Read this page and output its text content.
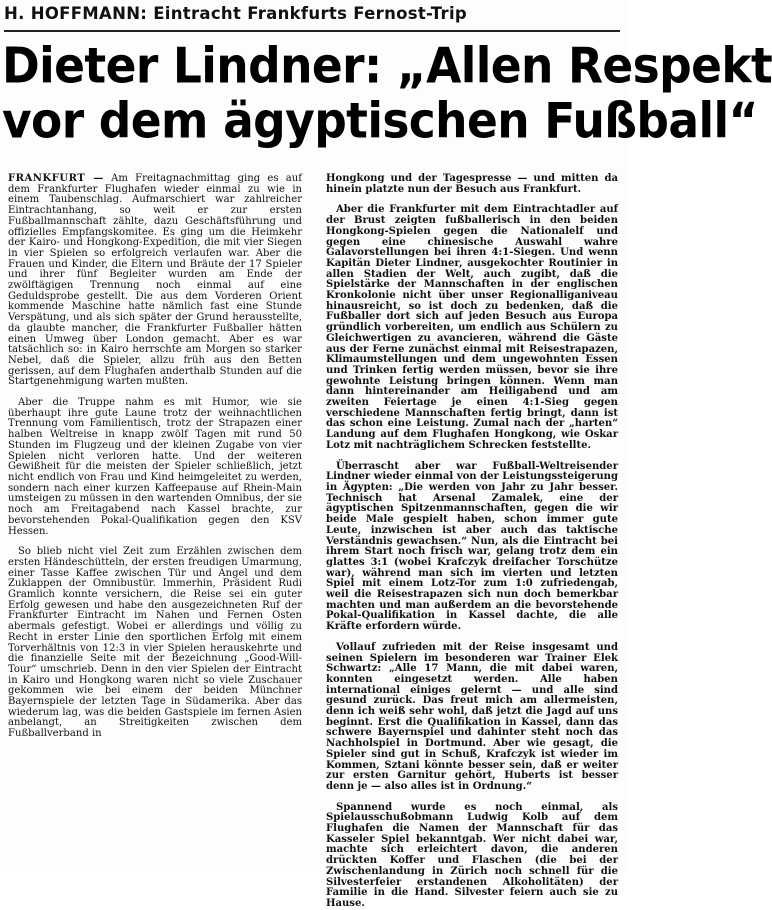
H. HOFFMANN: Eintracht Frankfurts Fernost-Trip
Dieter Lindner: „Allen Respekt
vor dem ägyptischen Fußball“

FRANKFURT — Am Freitagnachmittag ging es auf dem Frankfurter Flughafen wieder einmal zu wie in einem Taubenschlag. Aufmarschiert war zahlreicher Eintrachtanhang, so weit er zur ersten Fußballmannschaft zählte, dazu Geschäftsführung und offizielles Empfangskomitee. Es ging um die Heimkehr der Kairo- und Hongkong-Expedition, die mit vier Siegen in vier Spielen so erfolgreich verlaufen war. Aber die Frauen und Kinder, die Eltern und Bräute der 17 Spieler und ihrer fünf Begleiter wurden am Ende der zwölftägigen Trennung noch einmal auf eine Geduldsprobe gestellt. Die aus dem Vorderen Orient kommende Maschine hatte nämlich fast eine Stunde Verspätung, und als sich später der Grund herausstellte, da glaubte mancher, die Frankfurter Fußballer hätten einen Umweg über London gemacht. Aber es war tatsächlich so: in Kairo herrschte am Morgen so starker Nebel, daß die Spieler, allzu früh aus den Betten gerissen, auf dem Flughafen anderthalb Stunden auf die Startgenehmigung warten mußten.

Aber die Truppe nahm es mit Humor, wie sie überhaupt ihre gute Laune trotz der weihnachtlichen Trennung vom Familientisch, trotz der Strapazen einer halben Weltreise in knapp zwölf Tagen mit rund 50 Stunden im Flugzeug und der kleinen Zugabe von vier Spielen nicht verloren hatte. Und der weiteren Gewißheit für die meisten der Spieler schließlich, jetzt nicht endlich von Frau und Kind heimgeleitet zu werden, sondern nach einer kurzen Kaffeepause auf Rhein-Main umsteigen zu müssen in den wartenden Omnibus, der sie noch am Freitagabend nach Kassel brachte, zur bevorstehenden Pokal-Qualifikation gegen den KSV Hessen.

So blieb nicht viel Zeit zum Erzählen zwischen dem ersten Händeschütteln, der ersten freudigen Umarmung, einer Tasse Kaffee zwischen Tür und Angel und dem Zuklappen der Omnibustür. Immerhin, Präsident Rudi Gramlich konnte versichern, die Reise sei ein guter Erfolg gewesen und habe den ausgezeichneten Ruf der Frankfurter Eintracht im Nahen und Fernen Osten abermals gefestigt. Wobei er allerdings und völlig zu Recht in erster Linie den sportlichen Erfolg mit einem Torverhältnis von 12:3 in vier Spielen herauskehrte und die finanzielle Seite mit der Bezeichnung „Good-Will-Tour“ umschrieb. Denn in den vier Spielen der Eintracht in Kairo und Hongkong waren nicht so viele Zuschauer gekommen wie bei einem der beiden Münchner Bayernspiele der letzten Tage in Südamerika. Aber das wiederum lag, was die beiden Gastspiele im fernen Asien anbelangt, an Streitigkeiten zwischen dem Fußballverband in

Hongkong und der Tagespresse — und mitten da hinein platzte nun der Besuch aus Frankfurt.

Aber die Frankfurter mit dem Eintrachtadler auf der Brust zeigten fußballerisch in den beiden Hongkong-Spielen gegen die Nationalelf und gegen eine chinesische Auswahl wahre Galavorstellungen bei ihren 4:1-Siegen. Und wenn Kapitän Dieter Lindner, ausgekochter Routinier in allen Stadien der Welt, auch zugibt, daß die Spielstärke der Mannschaften in der englischen Kronkolonie nicht über unser Regionalliganiveau hinausreicht, so ist doch zu bedenken, daß die Fußballer dort sich auf jeden Besuch aus Europa gründlich vorbereiten, um endlich aus Schülern zu Gleichwertigen zu avancieren, während die Gäste aus der Ferne zunächst einmal mit Reisestrapazen, Klimaumstellungen und dem ungewohnten Essen und Trinken fertig werden müssen, bevor sie ihre gewohnte Leistung bringen können. Wenn man dann hintereinander am Heiligabend und am zweiten Feiertage je einen 4:1-Sieg gegen verschiedene Mannschaften fertig bringt, dann ist das schon eine Leistung. Zumal nach der „harten“ Landung auf dem Flughafen Hongkong, wie Oskar Lotz mit nachträglichem Schrecken feststellte.

Überrascht aber war Fußball-Weltreisender Lindner wieder einmal von der Leistungssteigerung in Ägypten: „Die werden von Jahr zu Jahr besser. Technisch hat Arsenal Zamalek, eine der ägyptischen Spitzenmannschaften, gegen die wir beide Male gespielt haben, schon immer gute Leute, inzwischen ist aber auch das taktische Verständnis gewachsen.“ Nun, als die Eintracht bei ihrem Start noch frisch war, gelang trotz dem ein glattes 3:1 (wobei Krafczyk dreifacher Torschütze war), während man sich im vierten und letzten Spiel mit einem Lotz-Tor zum 1:0 zufriedengab, weil die Reisestrapazen sich nun doch bemerkbar machten und man außerdem an die bevorstehende Pokal-Qualifikation in Kassel dachte, die alle Kräfte erfordern würde.

Vollauf zufrieden mit der Reise insgesamt und seinen Spielern im besonderen war Trainer Elek Schwartz: „Alle 17 Mann, die mit dabei waren, konnten eingesetzt werden. Alle haben international einiges gelernt — und alle sind gesund zurück. Das freut mich am allermeisten, denn ich weiß sehr wohl, daß jetzt die Jagd auf uns beginnt. Erst die Qualifikation in Kassel, dann das schwere Bayernspiel und dahinter steht noch das Nachholspiel in Dortmund. Aber wie gesagt, die Spieler sind gut in Schuß, Krafczyk ist wieder im Kommen, Sztani könnte besser sein, daß er weiter zur ersten Garnitur gehört, Huberts ist besser denn je — also alles ist in Ordnung.“

Spannend wurde es noch einmal, als Spielausschußobmann Ludwig Kolb auf dem Flughafen die Namen der Mannschaft für das Kasseler Spiel bekanntgab. Wer nicht dabei war, machte sich erleichtert davon, die anderen drückten Koffer und Flaschen (die bei der Zwischenlandung in Zürich noch schnell für die Silvesterfeier erstandenen Alkoholitäten) der Familie in die Hand. Silvester feiern auch sie zu Hause.
